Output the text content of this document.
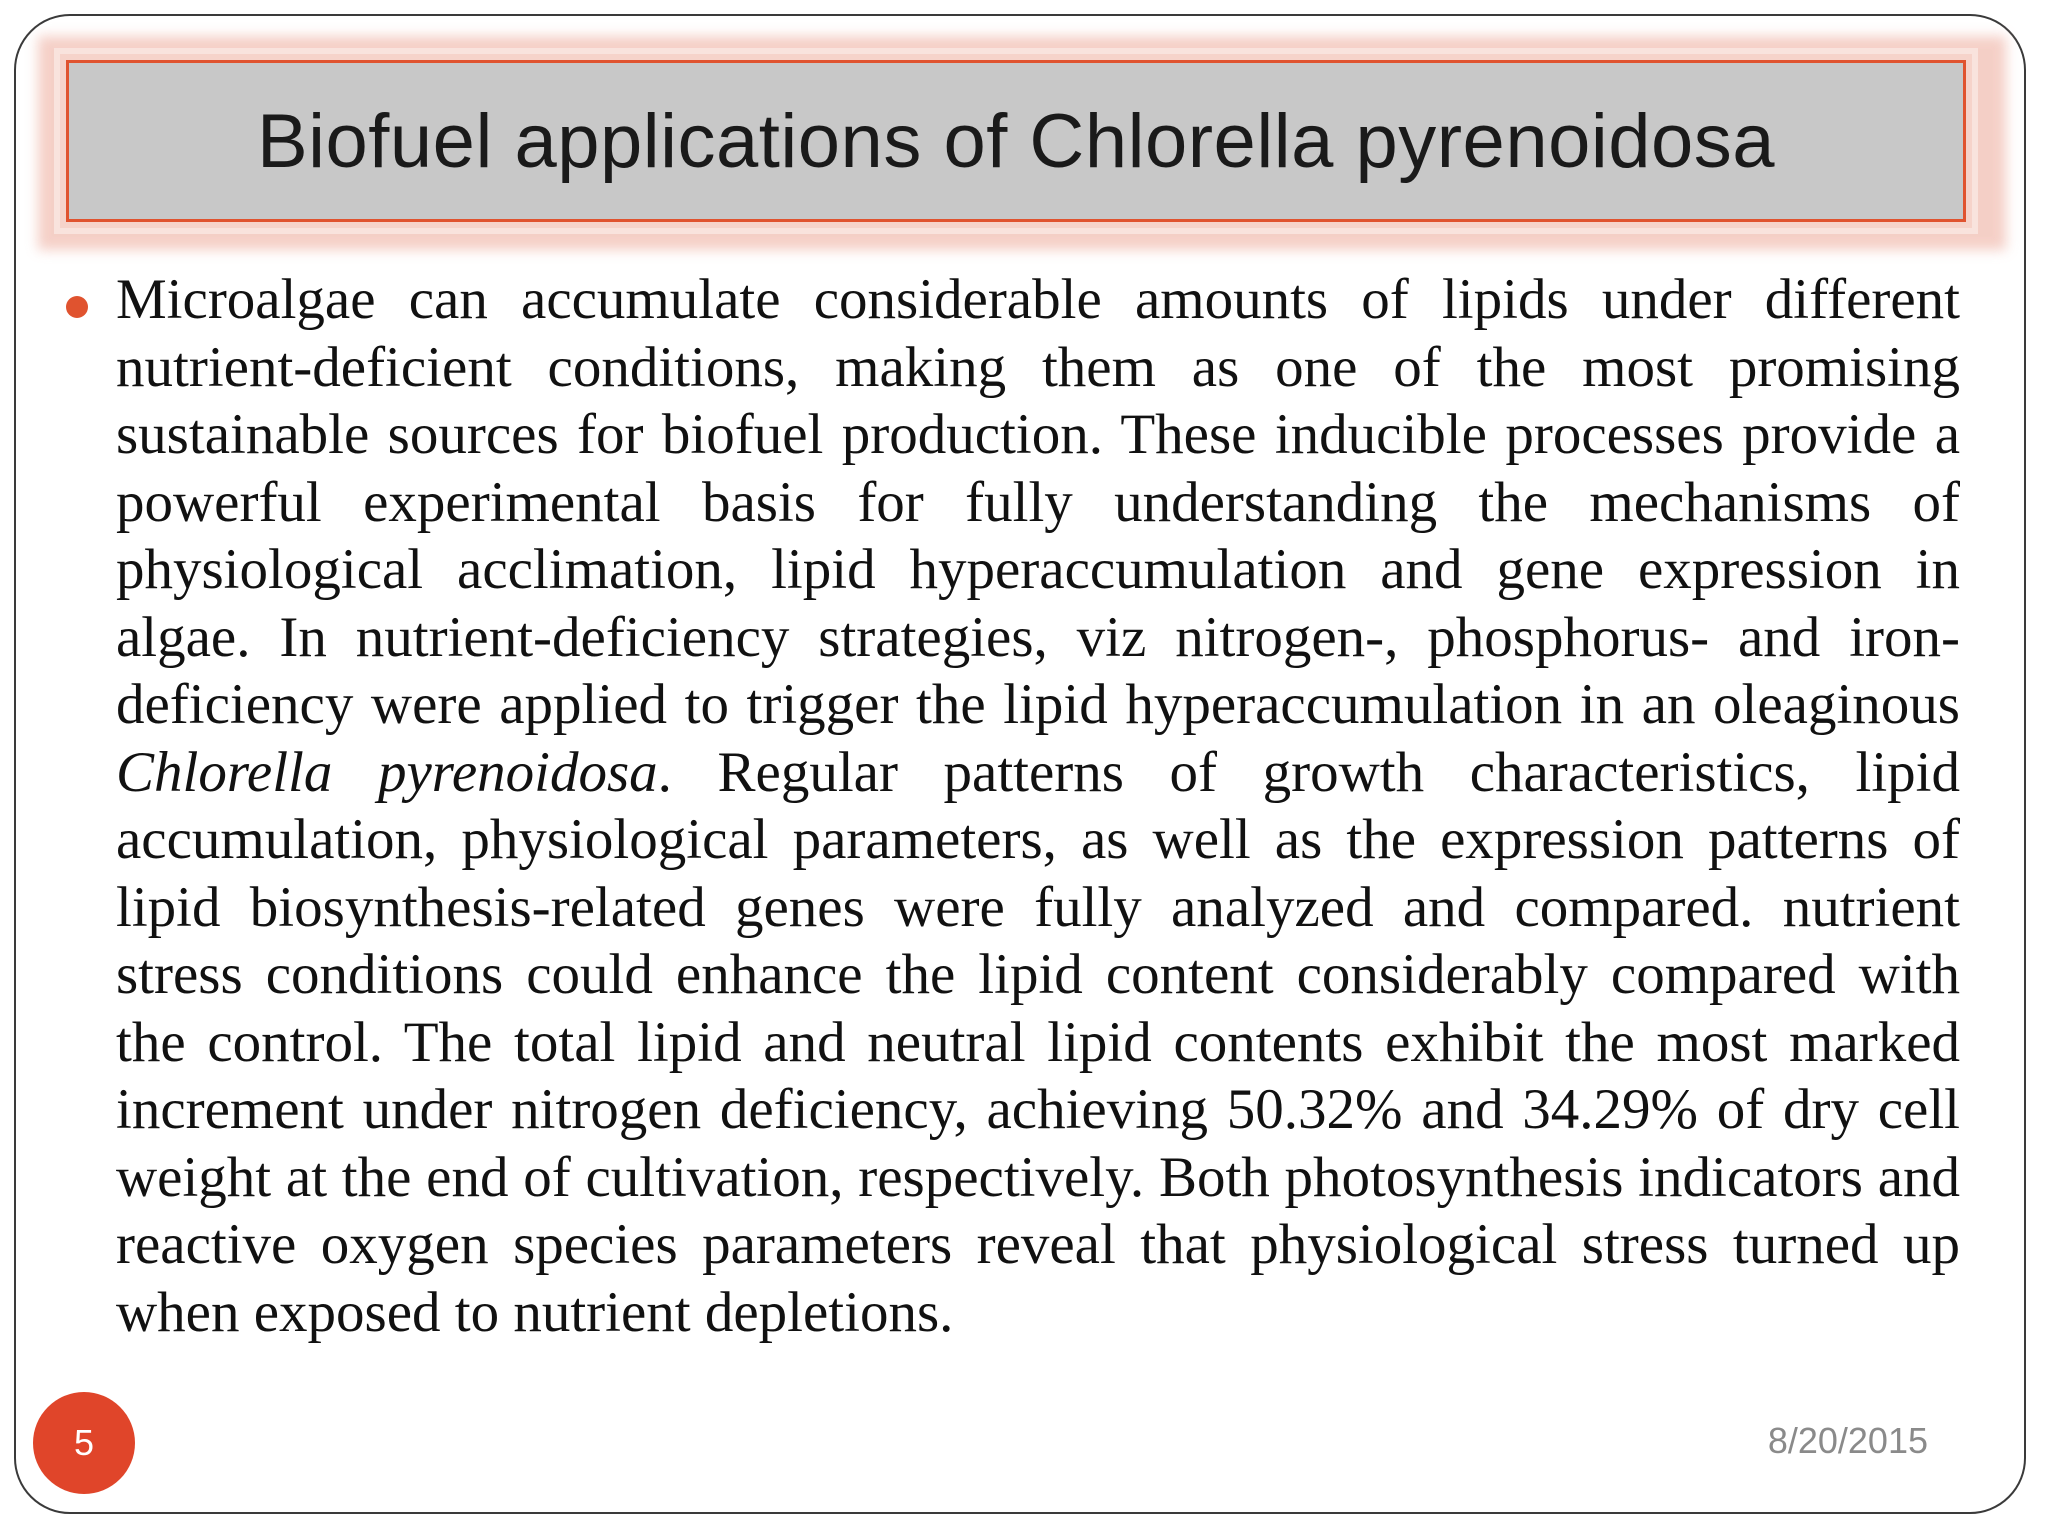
Biofuel applications of Chlorella pyrenoidosa

Microalgae can accumulate considerable amounts of lipids under different nutrient-deficient conditions, making them as one of the most promising sustainable sources for biofuel production. These inducible processes provide a powerful experimental basis for fully understanding the mechanisms of physiological acclimation, lipid hyperaccumulation and gene expression in algae. In nutrient-deficiency strategies, viz nitrogen-, phosphorus- and iron-deficiency were applied to trigger the lipid hyperaccumulation in an oleaginous Chlorella pyrenoidosa. Regular patterns of growth characteristics, lipid accumulation, physiological parameters, as well as the expression patterns of lipid biosynthesis-related genes were fully analyzed and compared. nutrient stress conditions could enhance the lipid content considerably compared with the control. The total lipid and neutral lipid contents exhibit the most marked increment under nitrogen deficiency, achieving 50.32% and 34.29% of dry cell weight at the end of cultivation, respectively. Both photosynthesis indicators and reactive oxygen species parameters reveal that physiological stress turned up when exposed to nutrient depletions.

5	8/20/2015
